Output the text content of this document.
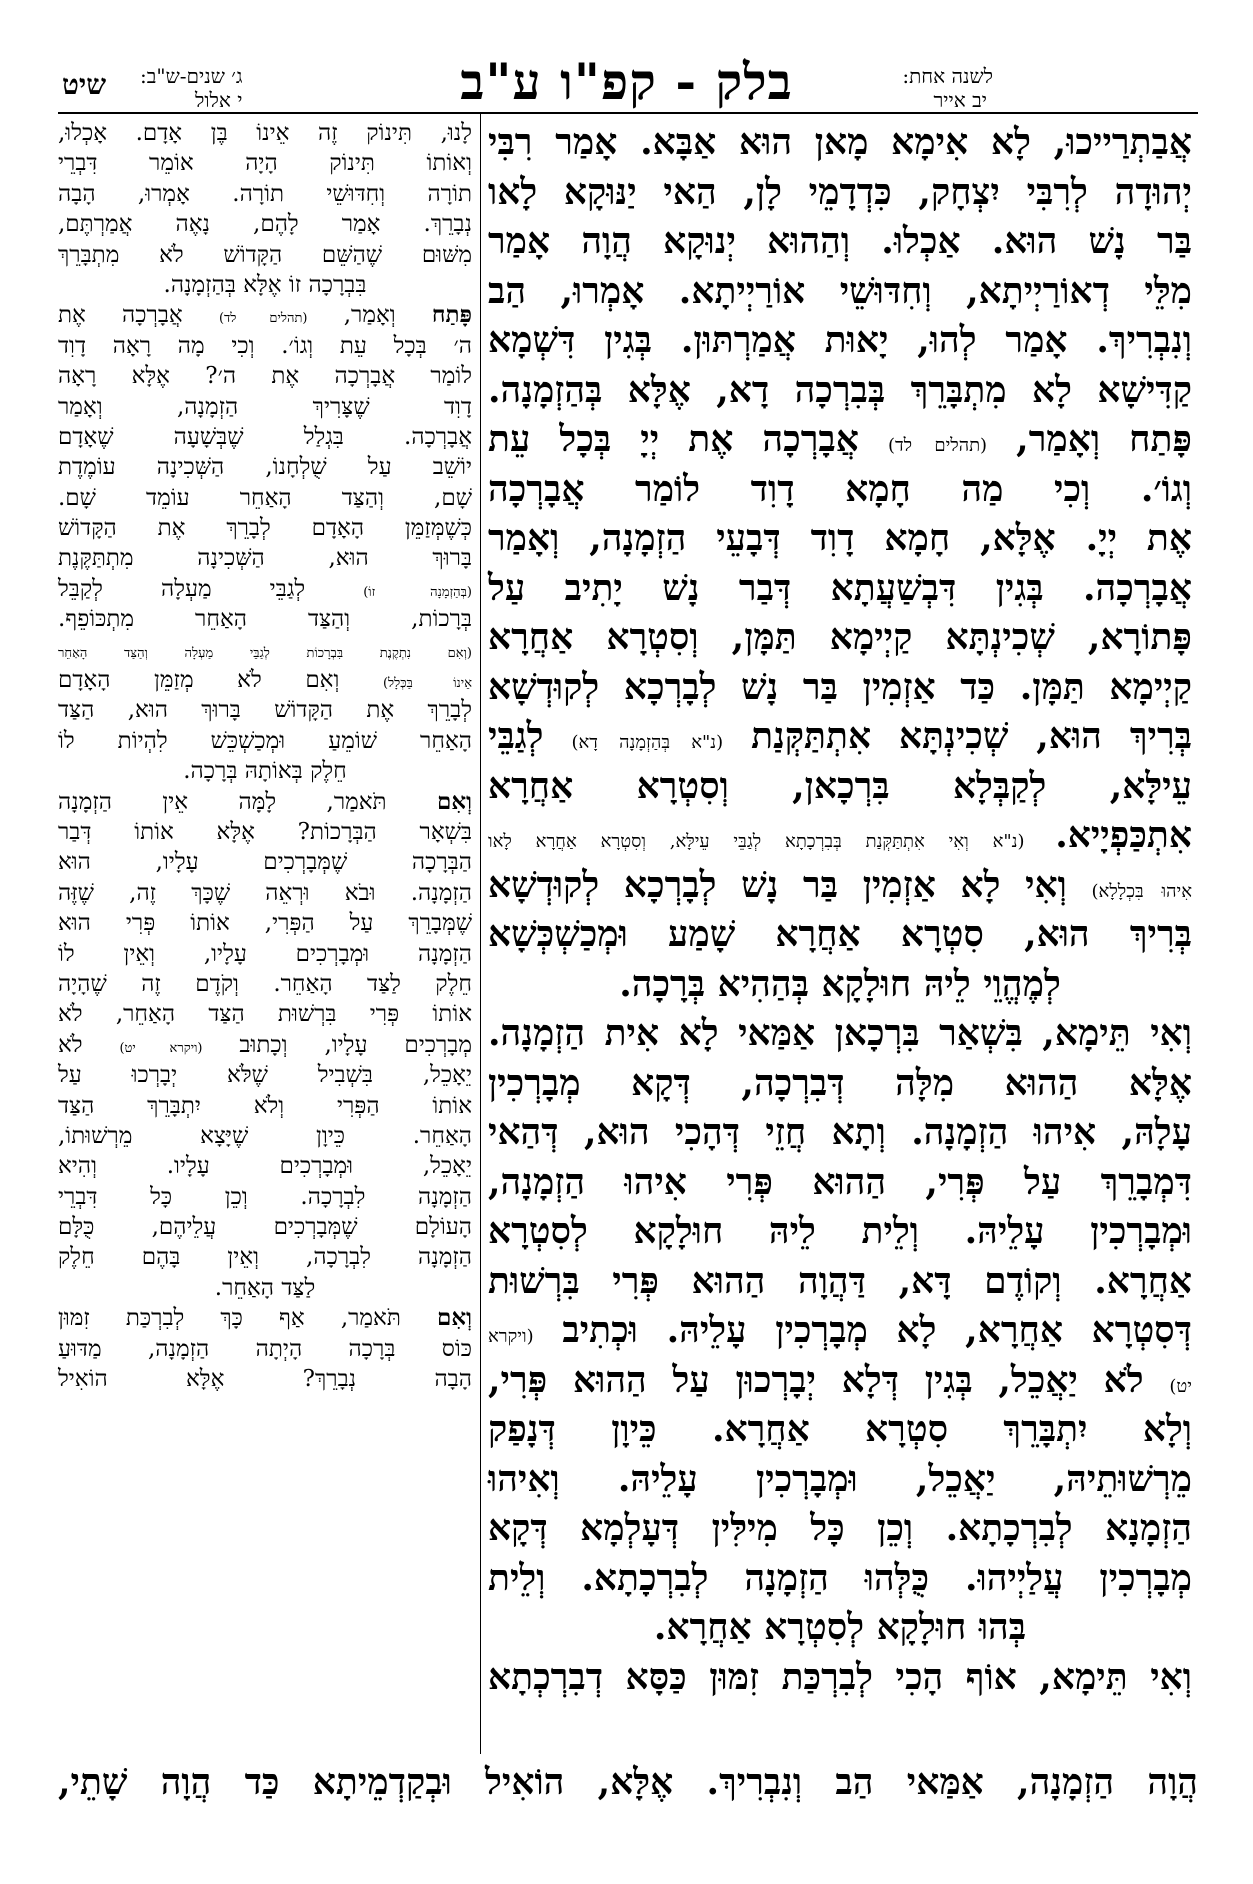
בלק - קפ"ו ע"ב	לשנה אחת:
יב אייר
ג׳ שנים-ש"ב:
י אלול
שיט
אֲבַתְרַייכוּ, לָא אִימָא מָאן הוּא אַבָּא. אָמַר רִבִּי
יְהוּדָה לְרִבִּי יִצְחָק, כִּדְדָמֵי לָן, הַאי יַנּוּקָא לָאו
בַּר נָשׁ הוּא. אַכְלוּ. וְהַהוּא יְנוּקָא הֲוָה אָמַר
מִלֵּי דְאוֹרַיְיתָא, וְחִדּוּשֵׁי אוֹרַיְיתָא. אָמְרוּ, הַב
וְנִבְרִיךְ. אָמַר לְהוּ, יָאוּת אֲמַרְתּוּן. בְּגִין דִּשְׁמָא
קַדִּישָׁא לָא מִתְבָּרֵךְ בְּבִרְכָה דָא, אֶלָּא בְּהַזְמָנָה.
פָּתַח וְאָמַר, (תהלים לד) אֲבָרְכָה אֶת יְיָ בְּכָל עֵת
וְגוֹ׳. וְכִי מַה חָמָא דָוִד לוֹמַר אֲבָרְכָה
אֶת יְיָ. אֶלָּא, חָמָא דָוִד דְּבָעֵי הַזְמָנָה, וְאָמַר
אֲבָרְכָה. בְּגִין דִּבְשַׁעֲתָא דְּבַר נָשׁ יָתִיב עַל
פָּתוֹרָא, שְׁכִינְתָּא קַיְימָא תַּמָּן, וְסִטְרָא אַחֲרָא
קַיְימָא תַּמָּן. כַּד אַזְמִין בַּר נָשׁ לְבָרְכָא לְקוּדְשָׁא
בְּרִיךְ הוּא, שְׁכִינְתָּא אִתְתַּקְּנַת (נ"א בְּהַזְמָנָה דָא) לְגַבֵּי
עֵילָּא, לְקַבְּלָא בִּרְכָאן, וְסִטְרָא אַחֲרָא
אִתְכַּפְיָיא. (נ"א וְאִי אִתְתַּקְּנַת בְּבִרְכָתָא לְגַבֵּי עֵילָּא, וְסִטְרָא אַחֲרָא לָאו
אִיהוּ בִּכְלָלָא) וְאִי לָא אַזְמִין בַּר נָשׁ לְבָרְכָא לְקוּדְשָׁא
בְּרִיךְ הוּא, סִטְרָא אַחֲרָא שָׁמַע וּמְכַשְׁכְּשָׁא
לְמֶהֱוֵי לֵיהּ חוּלָקָא בְּהַהִיא בְּרָכָה.
וְאִי תֵּימָא, בִּשְׁאַר בִּרְכָאן אַמַּאי לָא אִית הַזְמָנָה.
אֶלָּא הַהוּא מִלָּה דְּבִרְכָה, דְּקָא מְבָרְכִין
עָלָהּ, אִיהוּ הַזְמָנָה. וְתָא חֲזֵי דְּהָכִי הוּא, דְּהַאי
דִּמְבָרֵךְ עַל פְּרִי, הַהוּא פְּרִי אִיהוּ הַזְמָנָה,
וּמְבָרְכִין עָלֵיהּ. וְלֵית לֵיהּ חוּלָקָא לְסִטְרָא
אַחֲרָא. וְקוֹדֶם דָּא, דַּהֲוָה הַהוּא פְּרִי בִּרְשׁוּת
דְּסִטְרָא אַחֲרָא, לָא מְבָרְכִין עָלֵיהּ. וּכְתִיב (ויקרא
יט) לֹא יַאֲכֵל, בְּגִין דְּלָא יְבָרְכוּן עַל הַהוּא פְּרִי,
וְלָא יִתְבָּרֵךְ סִטְרָא אַחֲרָא. כֵּיוָן דְּנָפַק
מֵרְשׁוּתֵיהּ, יַאֲכֵל, וּמְבָרְכִין עָלֵיהּ. וְאִיהוּ
הַזְמָנָא לְבִרְכָתָא. וְכֵן כָּל מִילִּין דְּעָלְמָא דְּקָא
מְבָרְכִין עֲלַיְיהוּ. כֻּלְּהוּ הַזְמָנָה לְבִרְכָתָא. וְלֵית
בְּהוּ חוּלָקָא לְסִטְרָא אַחֲרָא.
וְאִי תֵּימָא, אוֹף הָכִי לְבִרְכַּת זִמּוּן כַּסָּא דְבִרְכְתָא
לָנוּ, תִּינוֹק זֶה אֵינוֹ בֶּן אָדָם. אָכְלוּ,
וְאוֹתוֹ תִּינוֹק הָיָה אוֹמֵר דִּבְרֵי
תוֹרָה וְחִדּוּשֵׁי תוֹרָה. אָמְרוּ, הָבָה
נְבָרֵךְ. אָמַר לָהֶם, נָאֶה אֲמַרְתֶּם,
מִשּׁוּם שֶׁהַשֵּׁם הַקָּדוֹשׁ לֹא מִתְבָּרֵךְ
בִּבְרָכָה זוֹ אֶלָּא בְּהַזְמָנָה.
פָּתַח וְאָמַר, (תהלים לד) אֲבָרְכָה אֶת
ה׳ בְּכָל עֵת וְגוֹ׳. וְכִי מָה רָאָה דָוִד
לוֹמַר אֲבָרְכָה אֶת ה׳? אֶלָּא רָאָה
דָוִד שֶׁצָּרִיךְ הַזְמָנָה, וְאָמַר
אֲבָרְכָה. בִּגְלַל שֶׁבְּשָׁעָה שֶׁאָדָם
יוֹשֵׁב עַל שֻׁלְחָנוֹ, הַשְּׁכִינָה עוֹמֶדֶת
שָׁם, וְהַצַּד הָאַחֵר עוֹמֵד שָׁם.
כְּשֶׁמְּזַמֵּן הָאָדָם לְבָרֵךְ אֶת הַקָּדוֹשׁ
בָּרוּךְ הוּא, הַשְּׁכִינָה מִתְתַּקֶּנֶת
(בְּהַזְמָנָה זוֹ) לְגַבֵּי מַעְלָה לְקַבֵּל
בְּרָכוֹת, וְהַצַּד הָאַחֵר מִתְכּוֹפֵף.
(וְאִם נִתְקֶנֶת בִּבְרָכוֹת לְגַבֵּי מַעְלָה וְהַצַּד הָאַחֵר
אֵינוֹ בַּכְּלָל) וְאִם לֹא מְזַמֵּן הָאָדָם
לְבָרֵךְ אֶת הַקָּדוֹשׁ בָּרוּךְ הוּא, הַצַּד
הָאַחֵר שׁוֹמֵעַ וּמְכַשְׁכֵּשׁ לִהְיוֹת לוֹ
חֵלֶק בְּאוֹתָהּ בְּרָכָה.
וְאִם תֹּאמַר, לָמָּה אֵין הַזְמָנָה
בִּשְׁאָר הַבְּרָכוֹת? אֶלָּא אוֹתוֹ דְּבַר
הַבְּרָכָה שֶׁמְּבָרְכִים עָלָיו, הוּא
הַזְמָנָה. וּבֹא וּרְאֵה שֶׁכָּךְ זֶה, שֶׁזֶּה
שֶׁמְּבָרֵךְ עַל הַפְּרִי, אוֹתוֹ פְּרִי הוּא
הַזְמָנָה וּמְבָרְכִים עָלָיו, וְאֵין לוֹ
חֵלֶק לַצַּד הָאַחֵר. וְקֹדֶם זֶה שֶׁהָיָה
אוֹתוֹ פְּרִי בִּרְשׁוּת הַצַּד הָאַחֵר, לֹא
מְבָרְכִים עָלָיו, וְכָתוּב (ויקרא יט) לֹא
יֵאָכֵל, בִּשְׁבִיל שֶׁלֹּא יְבָרְכוּ עַל
אוֹתוֹ הַפְּרִי וְלֹא יִתְבָּרֵךְ הַצַּד
הָאַחֵר. כֵּיוָן שֶׁיָּצָא מֵרְשׁוּתוֹ,
יֵאָכֵל, וּמְבָרְכִים עָלָיו. וְהִיא
הַזְמָנָה לִבְרָכָה. וְכֵן כָּל דִּבְרֵי
הָעוֹלָם שֶׁמְּבָרְכִים עֲלֵיהֶם, כֻּלָּם
הַזְמָנָה לִבְרָכָה, וְאֵין בָּהֶם חֵלֶק
לַצַּד הָאַחֵר.
וְאִם תֹּאמַר, אַף כָּךְ לְבִרְכַּת זִמּוּן
כּוֹס בְּרָכָה הָיְתָה הַזְמָנָה, מַדּוּעַ
הָבָה נְבָרֵךְ? אֶלָּא הוֹאִיל
הֲוָה הַזְמָנָה, אַמַּאי הַב וְנִבְרִיךְ. אֶלָּא, הוֹאִיל וּבְקַדְמֵיתָא כַּד הֲוָה שָׁתֵי,
